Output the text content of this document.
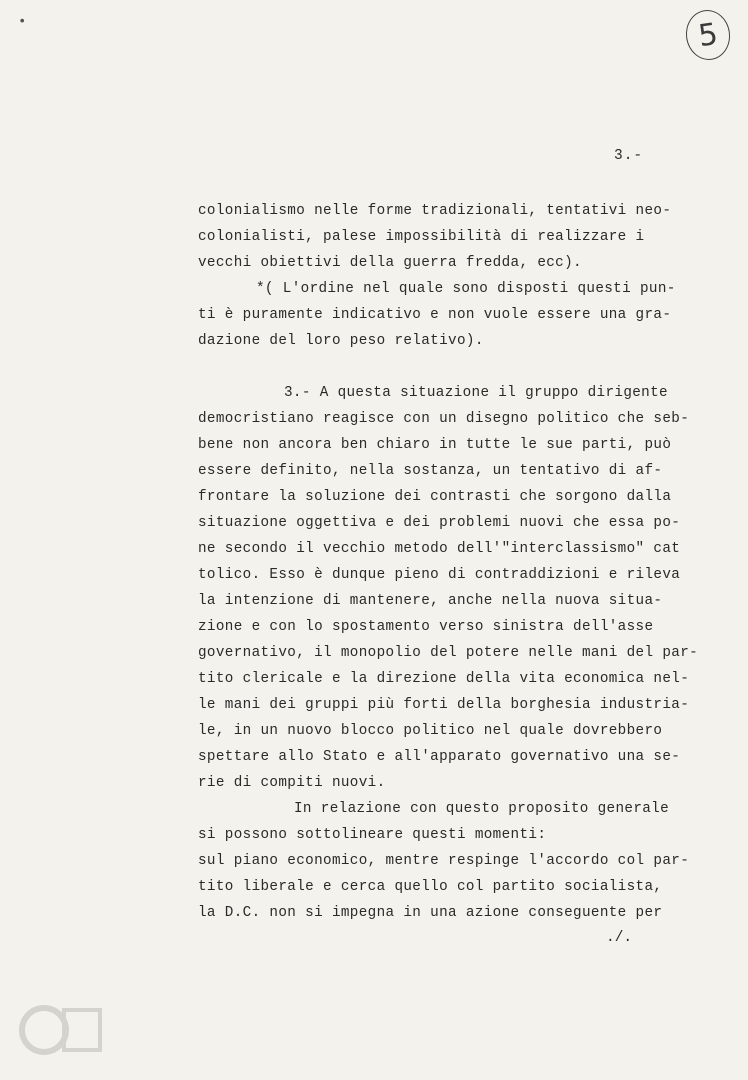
•	5
3.-
colonialismo nelle forme tradizionali, tentativi neo-
colonialisti, palese impossibilità di realizzare i
vecchi obiettivi della guerra fredda, ecc).
*( L'ordine nel quale sono disposti questi pun-
ti è puramente indicativo e non vuole essere una gra-
dazione del loro peso relativo).
3.- A questa situazione il gruppo dirigente
democristiano reagisce con un disegno politico che seb-
bene non ancora ben chiaro in tutte le sue parti, può
essere definito, nella sostanza, un tentativo di af-
frontare la soluzione dei contrasti che sorgono dalla
situazione oggettiva e dei problemi nuovi che essa po-
ne secondo il vecchio metodo dell'"interclassismo" cat
tolico. Esso è dunque pieno di contraddizioni e rileva
la intenzione di mantenere, anche nella nuova situa-
zione e con lo spostamento verso sinistra dell'asse
governativo, il monopolio del potere nelle mani del par-
tito clericale e la direzione della vita economica nel-
le mani dei gruppi più forti della borghesia industria-
le, in un nuovo blocco politico nel quale dovrebbero
spettare allo Stato e all'apparato governativo una se-
rie di compiti nuovi.
In relazione con questo proposito generale
si possono sottolineare questi momenti:
sul piano economico, mentre respinge l'accordo col par-
tito liberale e cerca quello col partito socialista,
la D.C. non si impegna in una azione conseguente per
./.
